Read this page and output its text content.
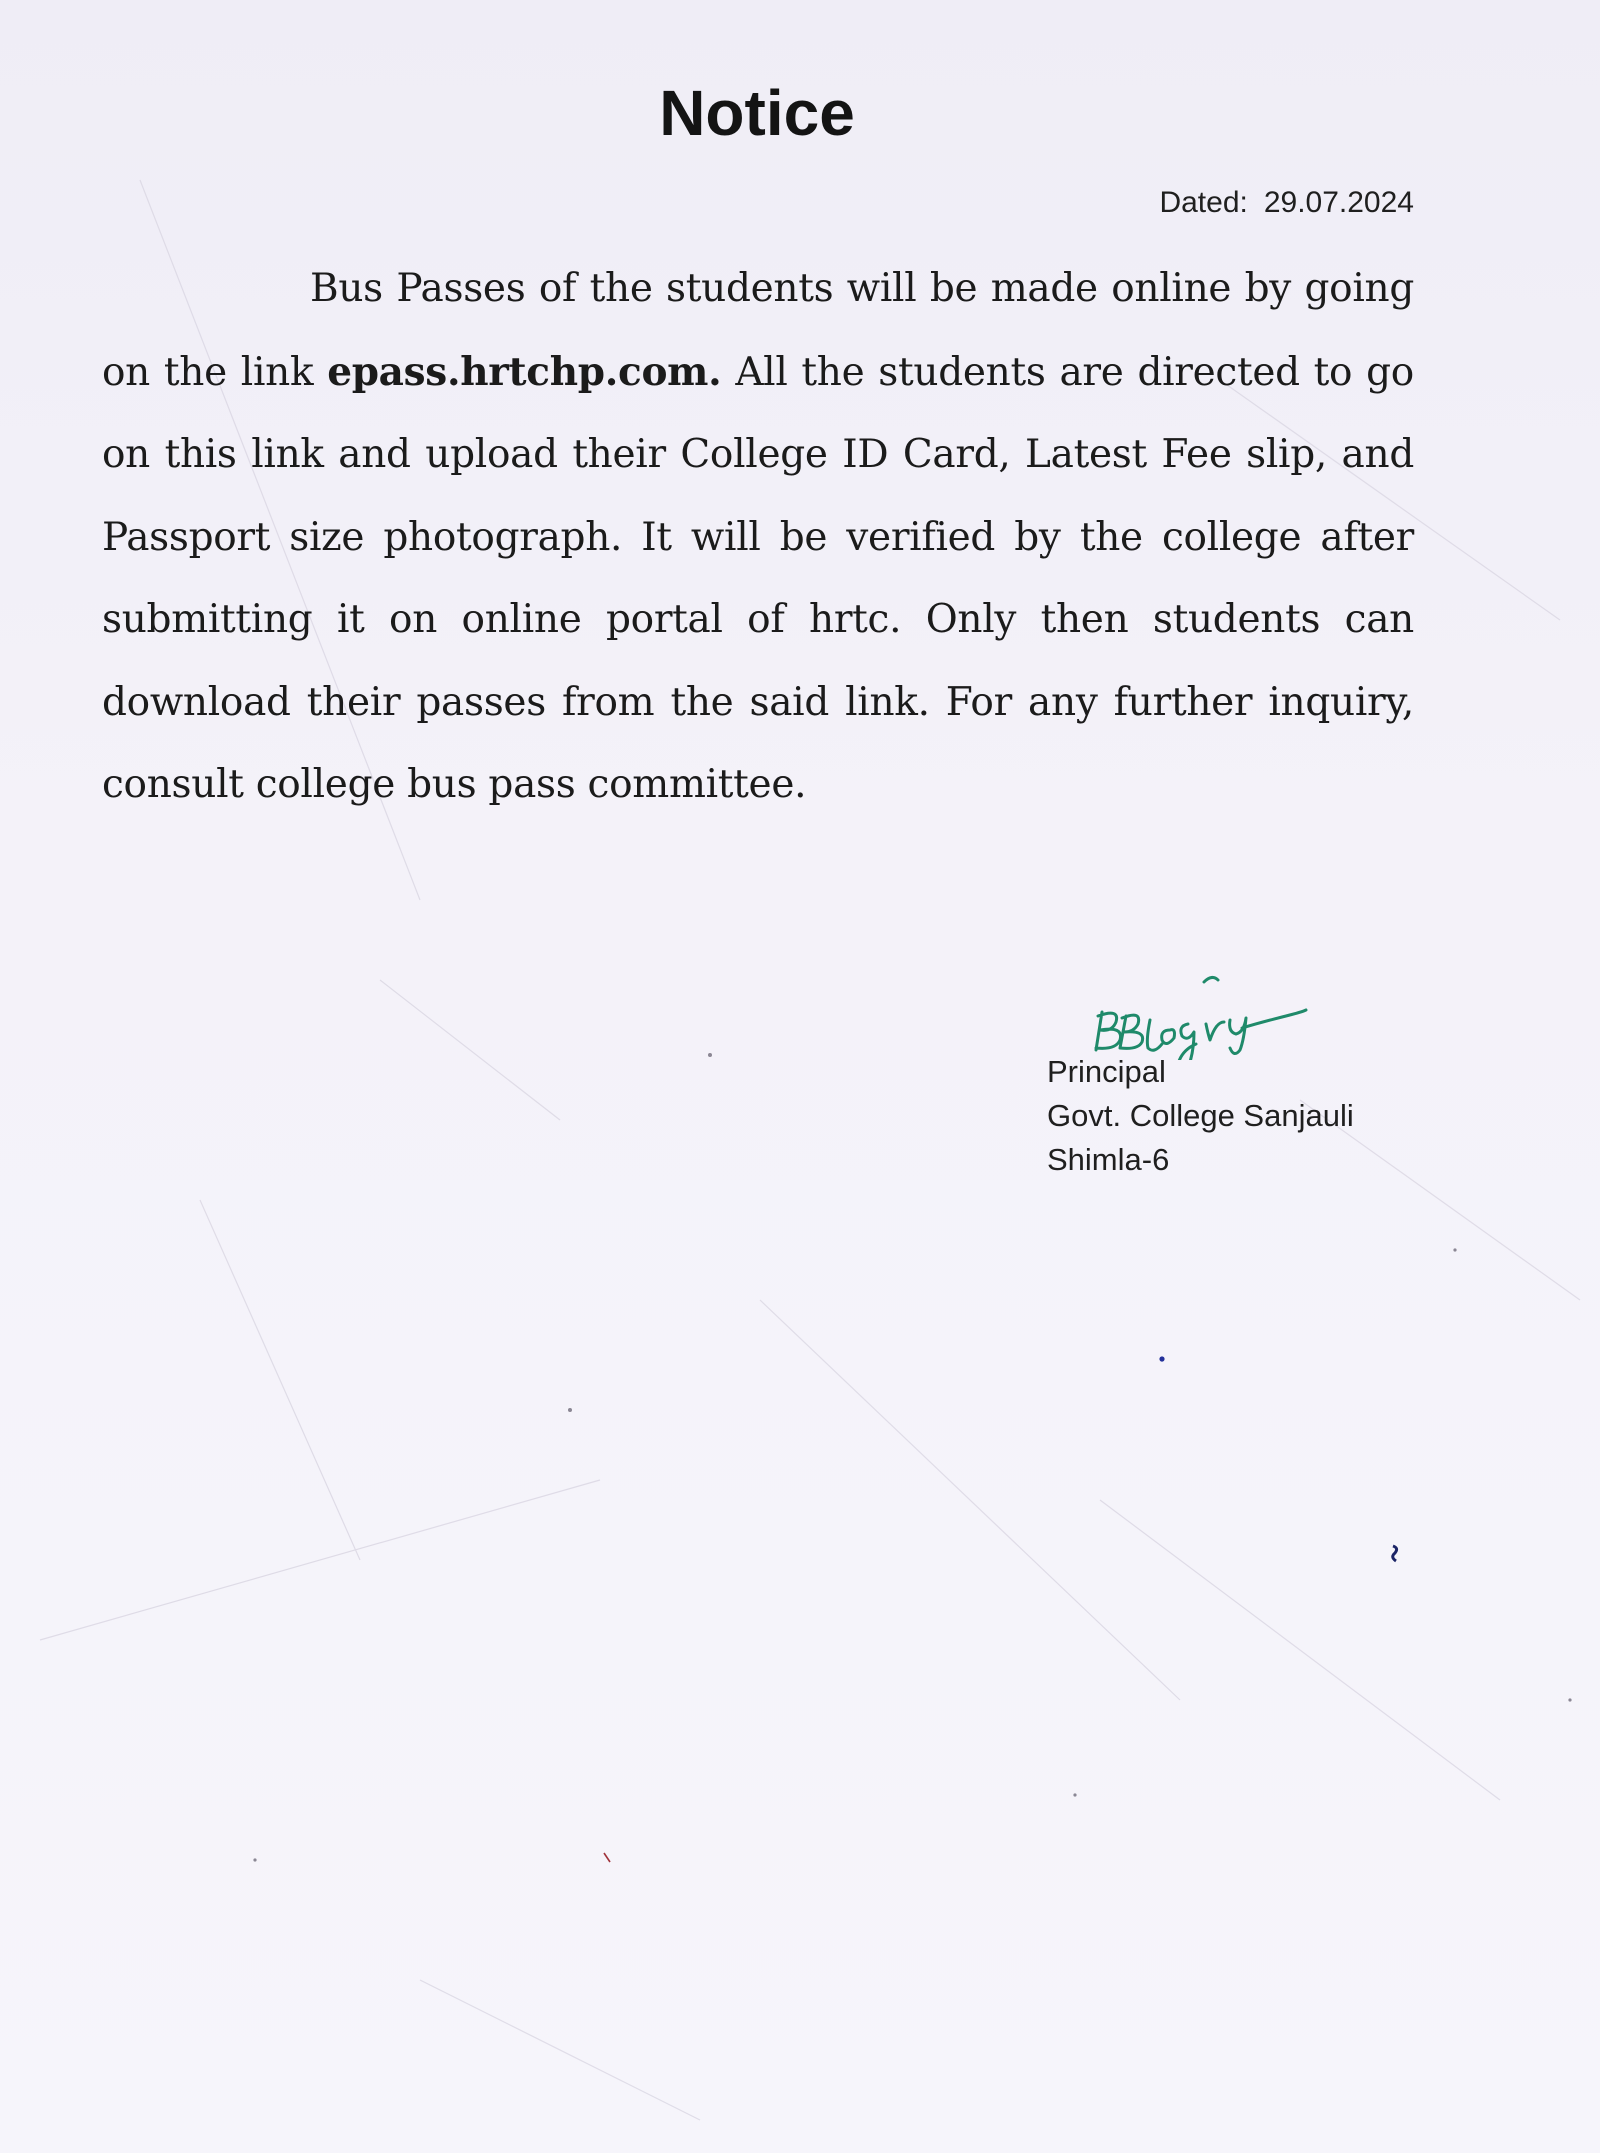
Notice
Dated: 29.07.2024

Bus Passes of the students will be made online by going on the link epass.hrtchp.com. All the students are directed to go on this link and upload their College ID Card, Latest Fee slip, and Passport size photograph. It will be verified by the college after submitting it on online portal of hrtc. Only then students can download their passes from the said link. For any further inquiry, consult college bus pass committee.

Principal
Govt. College Sanjauli
Shimla-6
